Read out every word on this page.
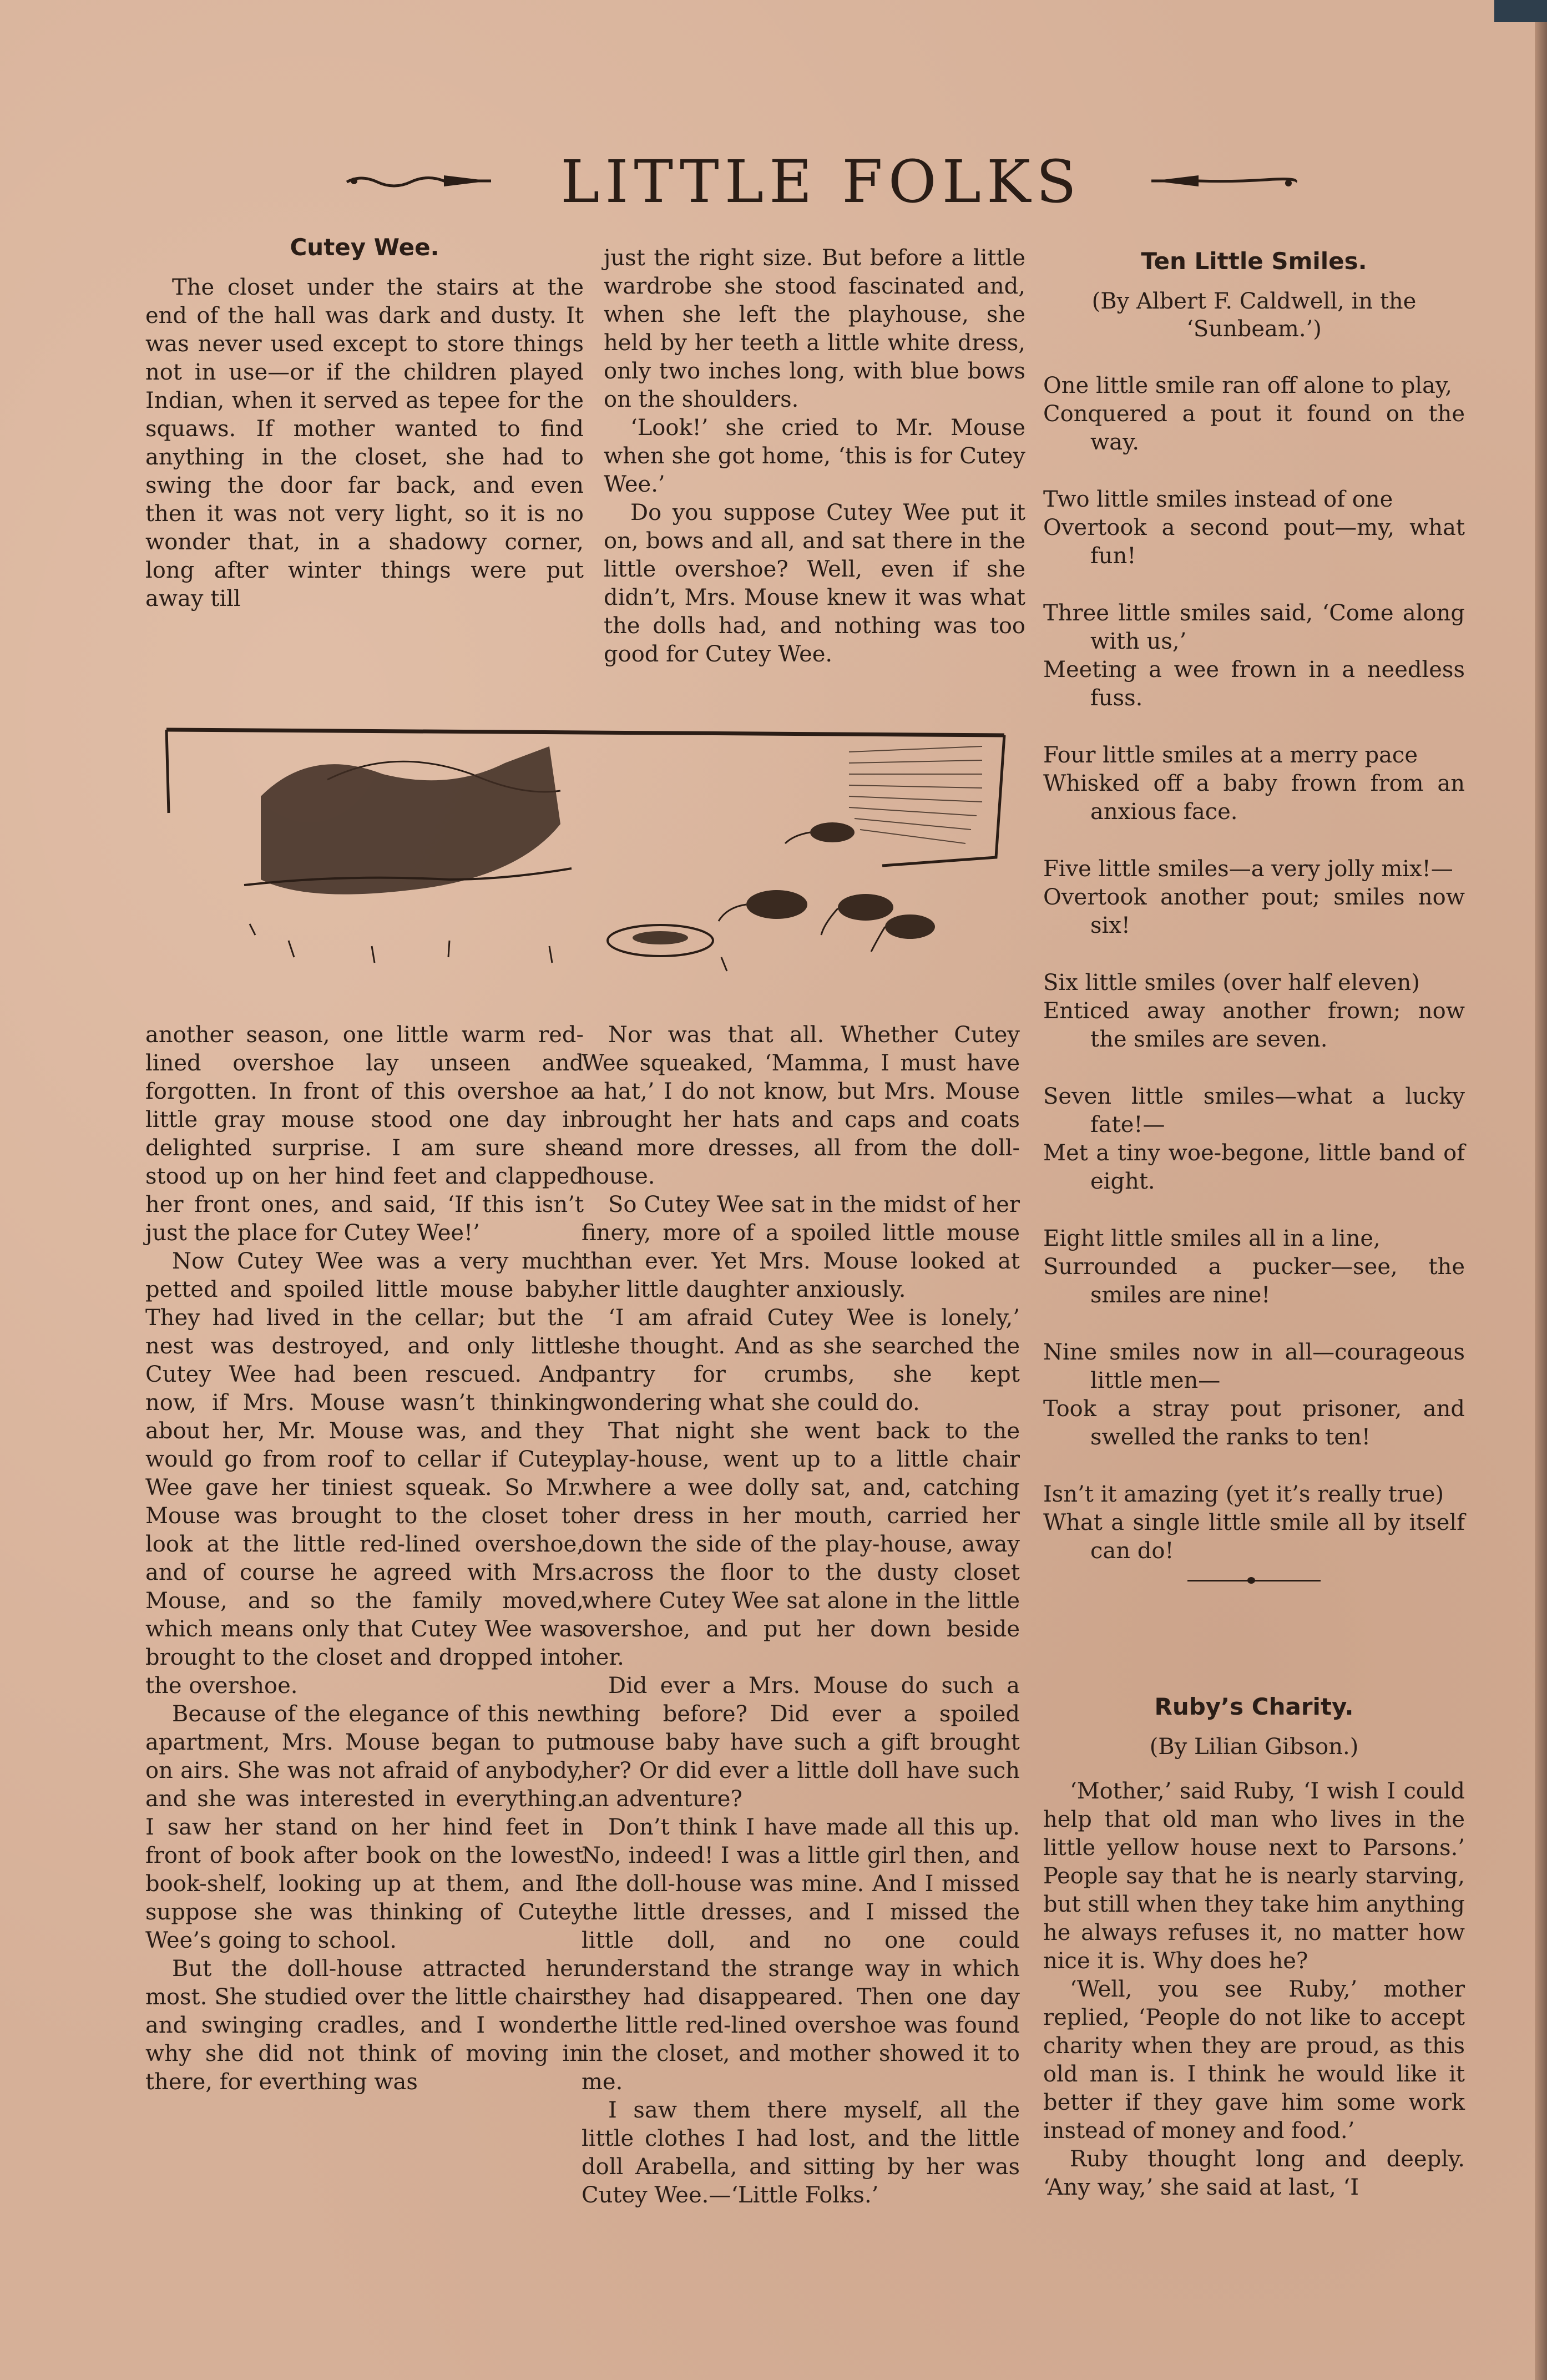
LITTLE FOLKS
Cutey Wee.

The closet under the stairs at the end of the hall was dark and dusty. It was never used except to store things not in use—or if the children played Indian, when it served as tepee for the squaws. If mother wanted to find anything in the closet, she had to swing the door far back, and even then it was not very light, so it is no wonder that, in a shadowy corner, long after winter things were put away till

just the right size. But before a little wardrobe she stood fascinated and, when she left the playhouse, she held by her teeth a little white dress, only two inches long, with blue bows on the shoulders.

‘Look!’ she cried to Mr. Mouse when she got home, ‘this is for Cutey Wee.’

Do you suppose Cutey Wee put it on, bows and all, and sat there in the little overshoe? Well, even if she didn’t, Mrs. Mouse knew it was what the dolls had, and nothing was too good for Cutey Wee.

another season, one little warm red-lined overshoe lay unseen and forgotten. In front of this overshoe a little gray mouse stood one day in delighted surprise. I am sure she stood up on her hind feet and clapped her front ones, and said, ‘If this isn’t just the place for Cutey Wee!’

Now Cutey Wee was a very much petted and spoiled little mouse baby. They had lived in the cellar; but the nest was destroyed, and only little Cutey Wee had been rescued. And now, if Mrs. Mouse wasn’t thinking about her, Mr. Mouse was, and they would go from roof to cellar if Cutey Wee gave her tiniest squeak. So Mr. Mouse was brought to the closet to look at the little red-lined overshoe, and of course he agreed with Mrs. Mouse, and so the family moved, which means only that Cutey Wee was brought to the closet and dropped into the overshoe.

Because of the elegance of this new apartment, Mrs. Mouse began to put on airs. She was not afraid of anybody, and she was interested in everything. I saw her stand on her hind feet in front of book after book on the lowest book-shelf, looking up at them, and I suppose she was thinking of Cutey Wee’s going to school.

But the doll-house attracted her most. She studied over the little chairs and swinging cradles, and I wonder why she did not think of moving in there, for everthing was

Nor was that all. Whether Cutey Wee squeaked, ‘Mamma, I must have a hat,’ I do not know, but Mrs. Mouse brought her hats and caps and coats and more dresses, all from the doll-house.

So Cutey Wee sat in the midst of her finery, more of a spoiled little mouse than ever. Yet Mrs. Mouse looked at her little daughter anxiously.

‘I am afraid Cutey Wee is lonely,’ she thought. And as she searched the pantry for crumbs, she kept wondering what she could do.

That night she went back to the play-house, went up to a little chair where a wee dolly sat, and, catching her dress in her mouth, carried her down the side of the play-house, away across the floor to the dusty closet where Cutey Wee sat alone in the little overshoe, and put her down beside her.

Did ever a Mrs. Mouse do such a thing before? Did ever a spoiled mouse baby have such a gift brought her? Or did ever a little doll have such an adventure?

Don’t think I have made all this up. No, indeed! I was a little girl then, and the doll-house was mine. And I missed the little dresses, and I missed the little doll, and no one could understand the strange way in which they had disappeared. Then one day the little red-lined overshoe was found in the closet, and mother showed it to me.

I saw them there myself, all the little clothes I had lost, and the little doll Arabella, and sitting by her was Cutey Wee.—‘Little Folks.’

Ten Little Smiles.
(By Albert F. Caldwell, in the ‘Sunbeam.’)

One little smile ran off alone to play,

Conquered a pout it found on the way.

Two little smiles instead of one

Overtook a second pout—my, what fun!

Three little smiles said, ‘Come along with us,’

Meeting a wee frown in a needless fuss.

Four little smiles at a merry pace

Whisked off a baby frown from an anxious face.

Five little smiles—a very jolly mix!—

Overtook another pout; smiles now six!

Six little smiles (over half eleven)

Enticed away another frown; now the smiles are seven.

Seven little smiles—what a lucky fate!—

Met a tiny woe-begone, little band of eight.

Eight little smiles all in a line,

Surrounded a pucker—see, the smiles are nine!

Nine smiles now in all—courageous little men—

Took a stray pout prisoner, and swelled the ranks to ten!

Isn’t it amazing (yet it’s really true)

What a single little smile all by itself can do!

Ruby’s Charity.
(By Lilian Gibson.)

‘Mother,’ said Ruby, ‘I wish I could help that old man who lives in the little yellow house next to Parsons.’ People say that he is nearly starving, but still when they take him anything he always refuses it, no matter how nice it is. Why does he?

‘Well, you see Ruby,’ mother replied, ‘People do not like to accept charity when they are proud, as this old man is. I think he would like it better if they gave him some work instead of money and food.’

Ruby thought long and deeply. ‘Any way,’ she said at last, ‘I
